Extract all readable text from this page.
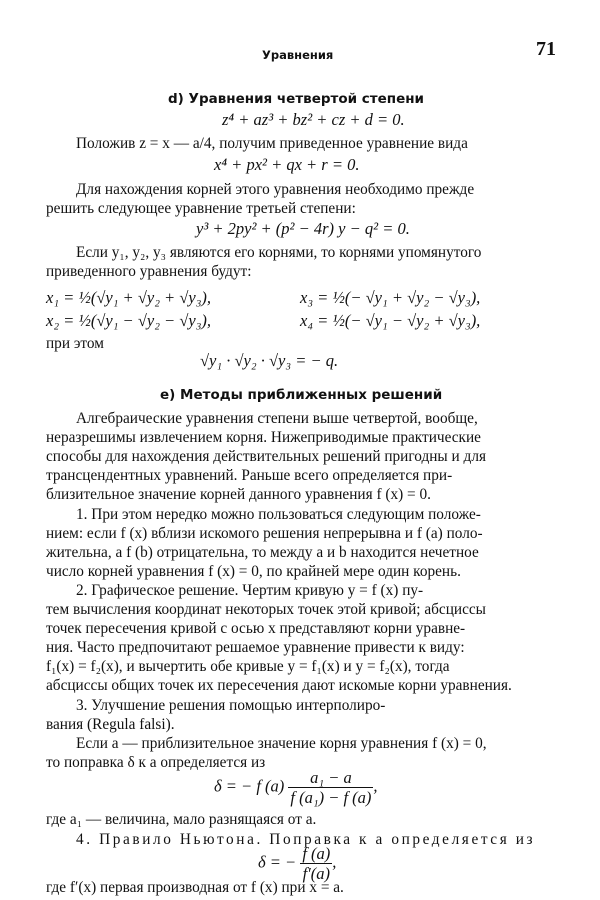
Уравнения	71
d) Уравнения четвертой степени
z⁴ + az³ + bz² + cz + d = 0.
Положив z = x — a/4, получим приведенное уравнение вида
x⁴ + px² + qx + r = 0.
Для нахождения корней этого уравнения необходимо прежде
решить следующее уравнение третьей степени:
y³ + 2py² + (p² − 4r) y − q² = 0.
Если y₁, y₂, y₃ являются его корнями, то корнями упомянутого
приведенного уравнения будут:
x₁ = ½(√y₁ + √y₂ + √y₃),	x₃ = ½(− √y₁ + √y₂ − √y₃),
x₂ = ½(√y₁ − √y₂ − √y₃),	x₄ = ½(− √y₁ − √y₂ + √y₃),
при этом
√y₁ · √y₂ · √y₃ = − q.
e) Методы приближенных решений
Алгебраические уравнения степени выше четвертой, вообще,
неразрешимы извлечением корня. Нижеприводимые практические
способы для нахождения действительных решений пригодны и для
трансцендентных уравнений. Раньше всего определяется при-
близительное значение корней данного уравнения f (x) = 0.
1. При этом нередко можно пользоваться следующим положе-
нием: если f (x) вблизи искомого решения непрерывна и f (a) поло-
жительна, а f (b) отрицательна, то между a и b находится нечетное
число корней уравнения f (x) = 0, по крайней мере один корень.
2. Графическое решение. Чертим кривую y = f (x) пу-
тем вычисления координат некоторых точек этой кривой; абсциссы
точек пересечения кривой с осью x представляют корни уравне-
ния. Часто предпочитают решаемое уравнение привести к виду:
f₁(x) = f₂(x), и вычертить обе кривые y = f₁(x) и y = f₂(x), тогда
абсциссы общих точек их пересечения дают искомые корни уравнения.
3. Улучшение решения помощью интерполиро-
вания (Regula falsi).
Если a — приблизительное значение корня уравнения f (x) = 0,
то поправка δ к a определяется из
δ = − f $(a) \frac{\text{a₁ − a}}{\text{f (a₁) − f (a)}}$ ,
где a₁ — величина, мало разнящаяся от a.
4. Правило Ньютона. Поправка к a определяется из
δ = − $\frac{f (a)}{f'(a)}$ ,
где f′(x) первая производная от f (x) при x = a.
